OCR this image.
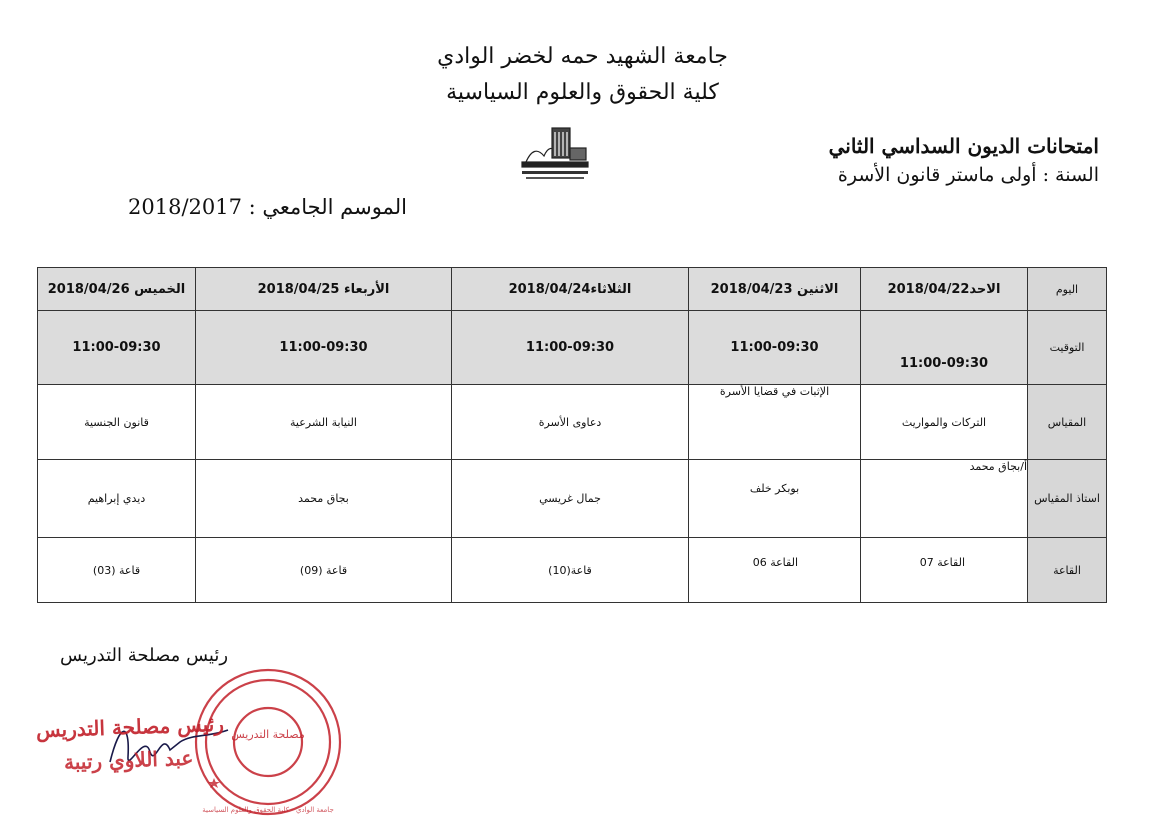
جامعة الشهيد حمه لخضر الوادي
كلية الحقوق والعلوم السياسية
امتحانات الديون السداسي الثاني
السنة : أولى ماستر قانون الأسرة
الموسم الجامعي : 2018/2017
الخميس 2018/04/26	الأربعاء 2018/04/25	الثلاثاء2018/04/24	الاثنين 2018/04/23	الاحد2018/04/22	اليوم
11:00-09:30	11:00-09:30	11:00-09:30	11:00-09:30	11:00-09:30	التوقيت
قانون الجنسية	النيابة الشرعية	دعاوى الأسرة	الإثبات في قضايا الأسرة	التركات والمواريث	المقياس
ديدي إبراهيم	بجاق محمد	جمال غريسي	بوبكر خلف	أ/بجاق محمد	استاذ المقياس
قاعة (03)	قاعة (09)	قاعة(10)	القاعة 06	القاعة 07	القاعة
رئيس مصلحة التدريس
مصلحة التدريس
جامعة الوادي - كلية الحقوق والعلوم السياسية
رئيس مصلحة التدريس
عبد اللاوي رتيبة
